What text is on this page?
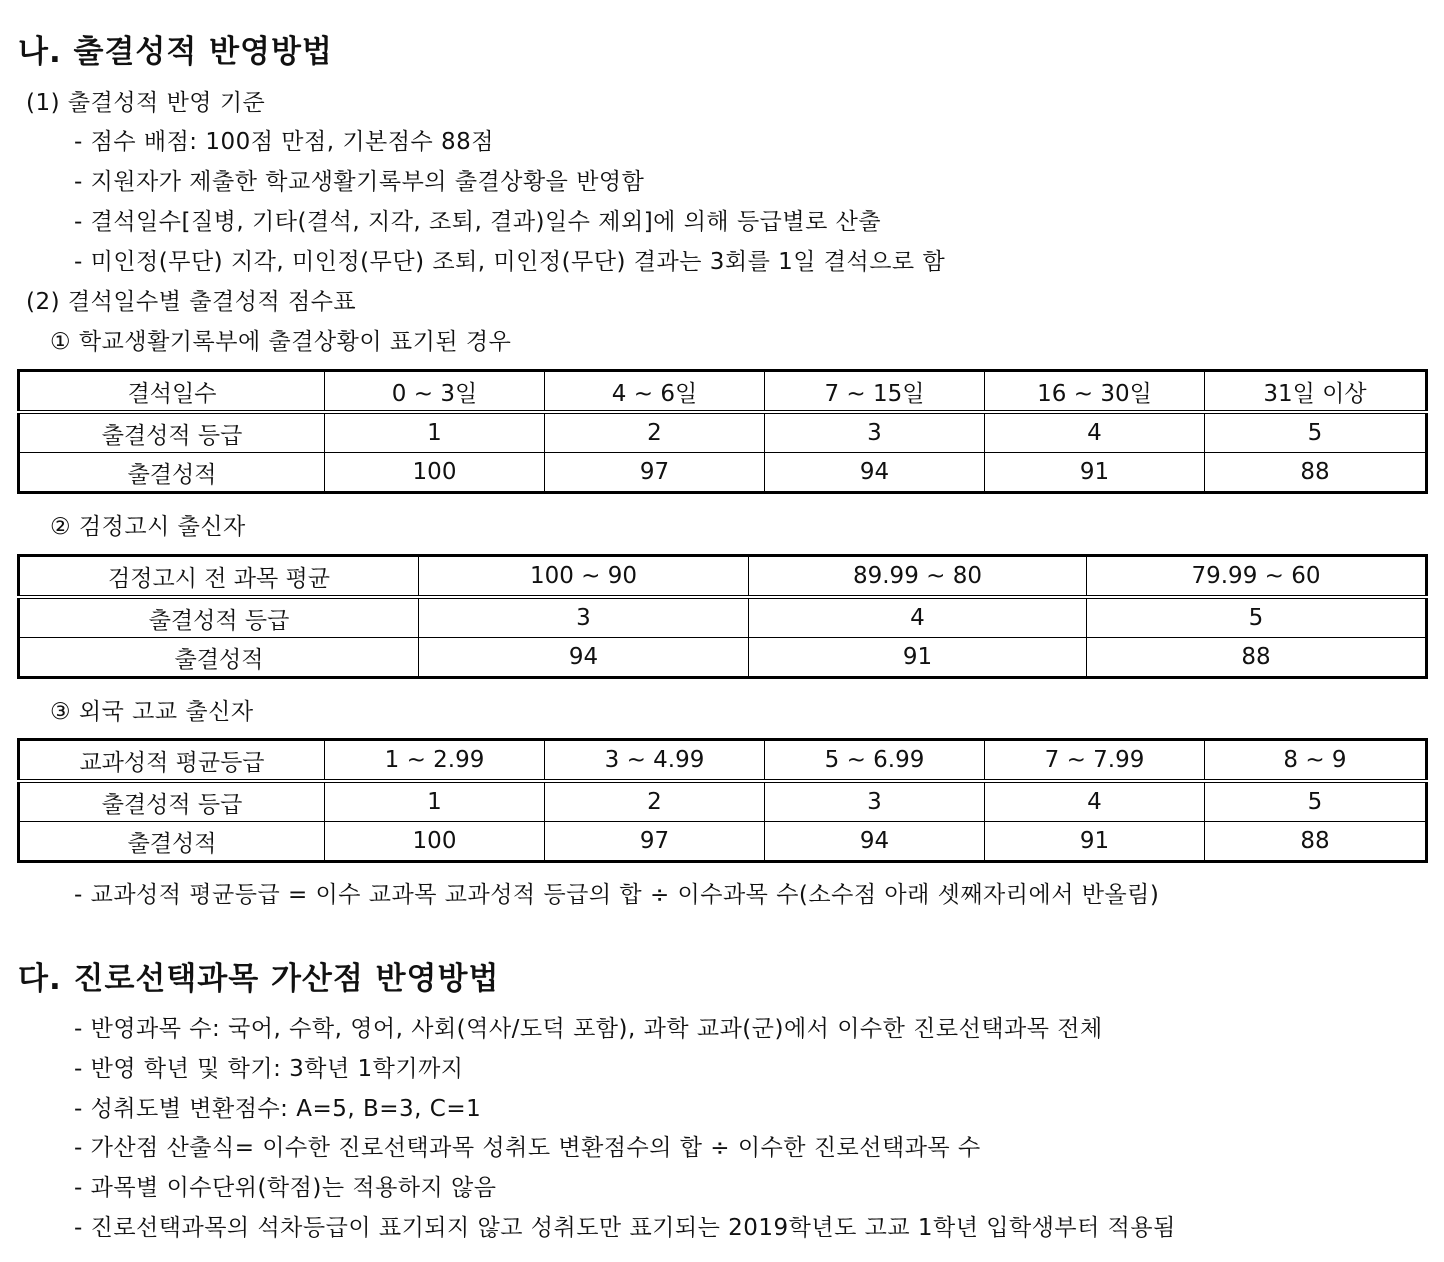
나. 출결성적 반영방법
(1) 출결성적 반영 기준
- 점수 배점: 100점 만점, 기본점수 88점
- 지원자가 제출한 학교생활기록부의 출결상황을 반영함
- 결석일수[질병, 기타(결석, 지각, 조퇴, 결과)일수 제외]에 의해 등급별로 산출
- 미인정(무단) 지각, 미인정(무단) 조퇴, 미인정(무단) 결과는 3회를 1일 결석으로 함
(2) 결석일수별 출결성적 점수표
① 학교생활기록부에 출결상황이 표기된 경우
결석일수	0 ~ 3일	4 ~ 6일	7 ~ 15일	16 ~ 30일	31일 이상
출결성적 등급	1	2	3	4	5
출결성적	100	97	94	91	88
② 검정고시 출신자
검정고시 전 과목 평균	100 ~ 90	89.99 ~ 80	79.99 ~ 60
출결성적 등급	3	4	5
출결성적	94	91	88
③ 외국 고교 출신자
교과성적 평균등급	1 ~ 2.99	3 ~ 4.99	5 ~ 6.99	7 ~ 7.99	8 ~ 9
출결성적 등급	1	2	3	4	5
출결성적	100	97	94	91	88
- 교과성적 평균등급 = 이수 교과목 교과성적 등급의 합 ÷ 이수과목 수(소수점 아래 셋째자리에서 반올림)
다. 진로선택과목 가산점 반영방법
- 반영과목 수: 국어, 수학, 영어, 사회(역사/도덕 포함), 과학 교과(군)에서 이수한 진로선택과목 전체
- 반영 학년 및 학기: 3학년 1학기까지
- 성취도별 변환점수: A=5, B=3, C=1
- 가산점 산출식= 이수한 진로선택과목 성취도 변환점수의 합 ÷ 이수한 진로선택과목 수
- 과목별 이수단위(학점)는 적용하지 않음
- 진로선택과목의 석차등급이 표기되지 않고 성취도만 표기되는 2019학년도 고교 1학년 입학생부터 적용됨
